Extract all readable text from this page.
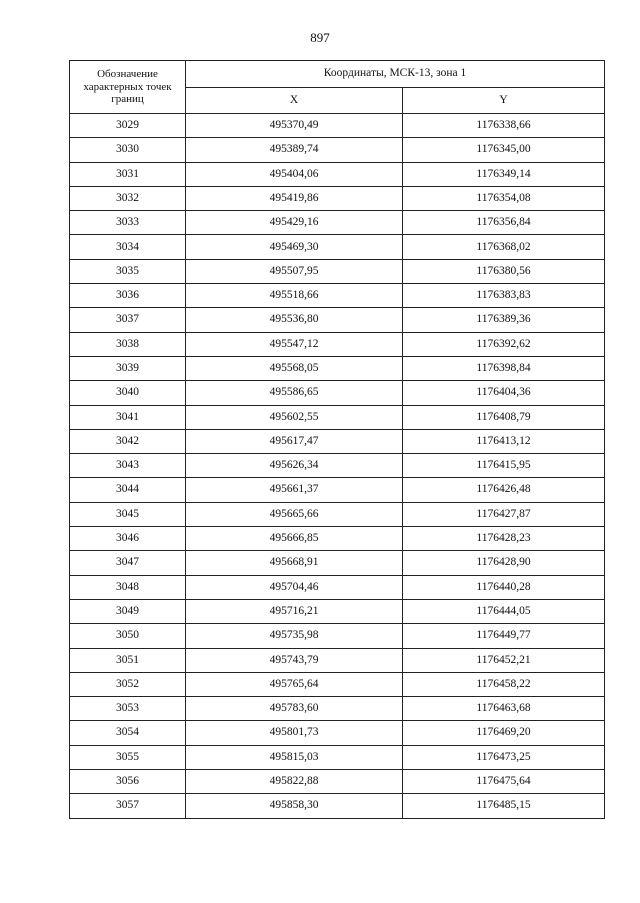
897
Обозначение характерных точек границ	Координаты, МСК-13, зона 1	
	X	Y
3029	495370,49	1176338,66
3030	495389,74	1176345,00
3031	495404,06	1176349,14
3032	495419,86	1176354,08
3033	495429,16	1176356,84
3034	495469,30	1176368,02
3035	495507,95	1176380,56
3036	495518,66	1176383,83
3037	495536,80	1176389,36
3038	495547,12	1176392,62
3039	495568,05	1176398,84
3040	495586,65	1176404,36
3041	495602,55	1176408,79
3042	495617,47	1176413,12
3043	495626,34	1176415,95
3044	495661,37	1176426,48
3045	495665,66	1176427,87
3046	495666,85	1176428,23
3047	495668,91	1176428,90
3048	495704,46	1176440,28
3049	495716,21	1176444,05
3050	495735,98	1176449,77
3051	495743,79	1176452,21
3052	495765,64	1176458,22
3053	495783,60	1176463,68
3054	495801,73	1176469,20
3055	495815,03	1176473,25
3056	495822,88	1176475,64
3057	495858,30	1176485,15
